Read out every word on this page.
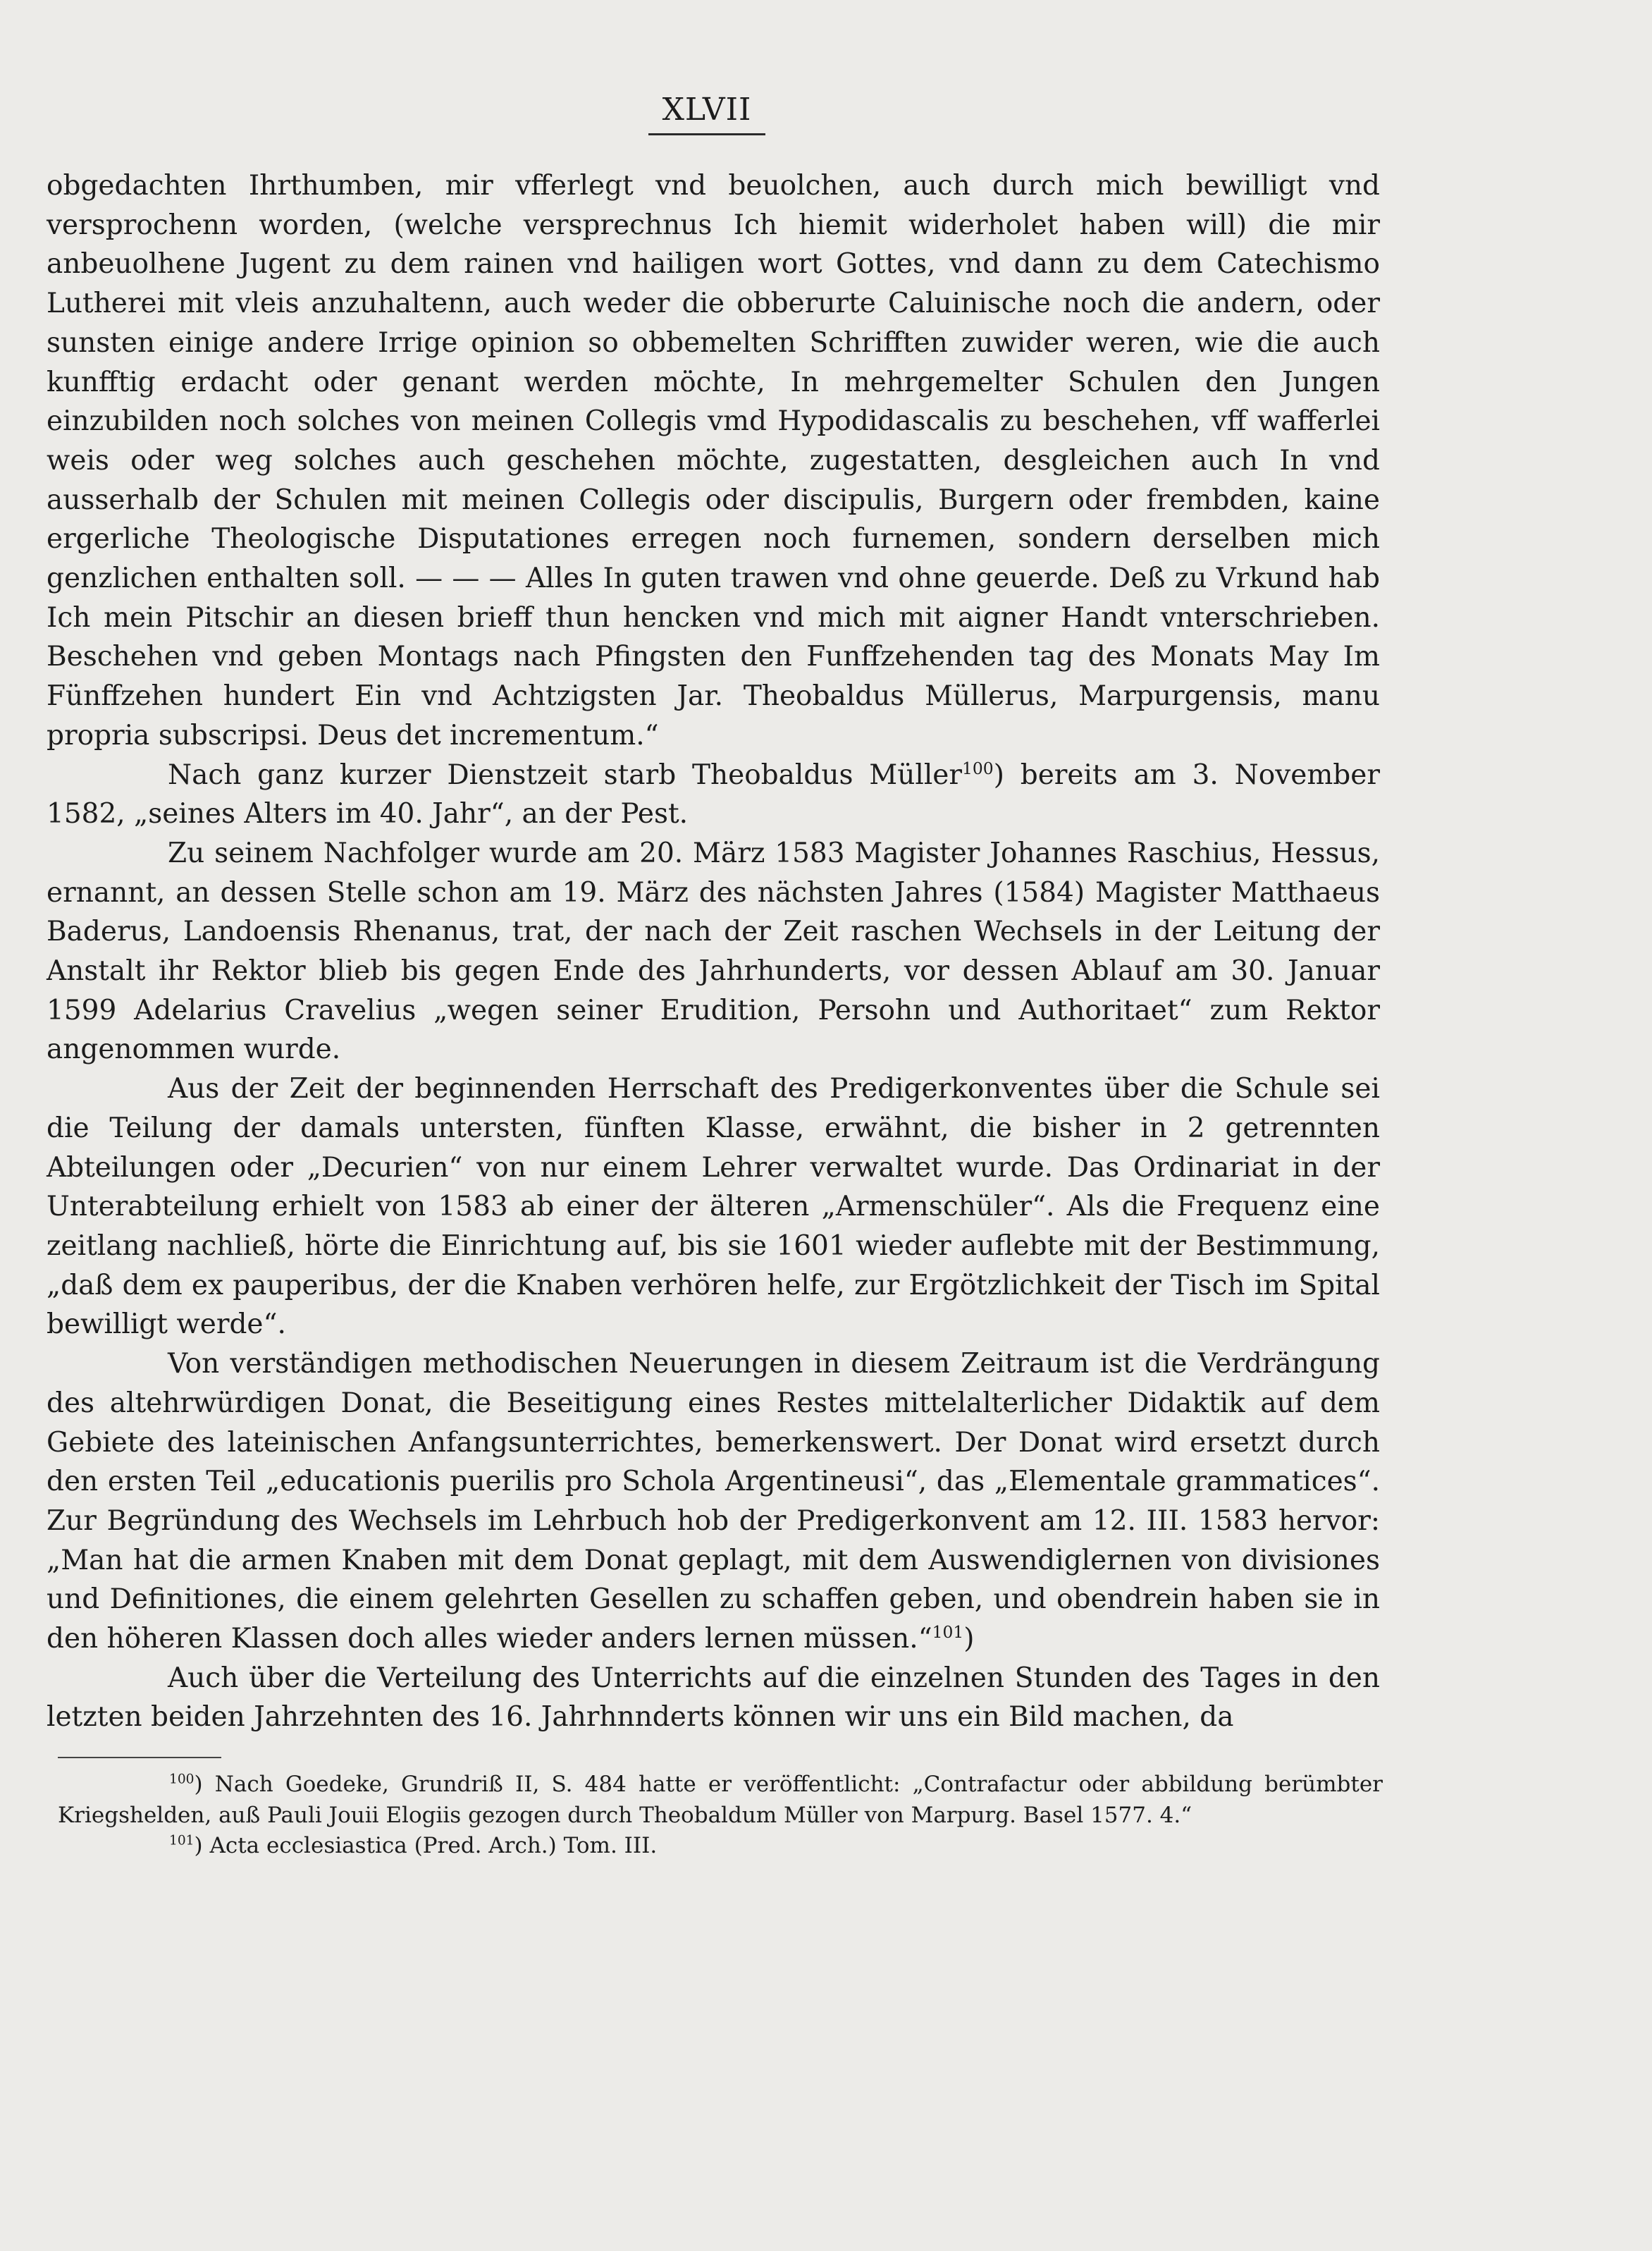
XLVII

obgedachten Ihrthumben, mir vfferlegt vnd beuolchen, auch durch mich bewilligt vnd versprochenn worden, (welche versprechnus Ich hiemit widerholet haben will) die mir anbeuolhene Jugent zu dem rainen vnd hailigen wort Gottes, vnd dann zu dem Catechismo Lutherei mit vleis anzuhaltenn, auch weder die obberurte Caluinische noch die andern, oder sunsten einige andere Irrige opinion so obbemelten Schrifften zuwider weren, wie die auch kunfftig erdacht oder genant werden möchte, In mehrgemelter Schulen den Jungen einzubilden noch solches von meinen Collegis vmd Hypodidascalis zu beschehen, vff wafferlei weis oder weg solches auch geschehen möchte, zugestatten, desgleichen auch In vnd ausserhalb der Schulen mit meinen Collegis oder discipulis, Burgern oder frembden, kaine ergerliche Theologische Disputationes erregen noch furnemen, sondern derselben mich genzlichen enthalten soll. — — — Alles In guten trawen vnd ohne geuerde. Deß zu Vrkund hab Ich mein Pitschir an diesen brieff thun hencken vnd mich mit aigner Handt vnterschrieben. Beschehen vnd geben Montags nach Pfingsten den Funffzehenden tag des Monats May Im Fünffzehen hundert Ein vnd Achtzigsten Jar. Theobaldus Müllerus, Marpurgensis, manu propria subscripsi. Deus det incrementum.“

Nach ganz kurzer Dienstzeit starb Theobaldus Müller$^{100}$) bereits am 3. November 1582, „seines Alters im 40. Jahr“, an der Pest.

Zu seinem Nachfolger wurde am 20. März 1583 Magister Johannes Raschius, Hessus, ernannt, an dessen Stelle schon am 19. März des nächsten Jahres (1584) Magister Matthaeus Baderus, Landoensis Rhenanus, trat, der nach der Zeit raschen Wechsels in der Leitung der Anstalt ihr Rektor blieb bis gegen Ende des Jahrhunderts, vor dessen Ablauf am 30. Januar 1599 Adelarius Cravelius „wegen seiner Erudition, Persohn und Authoritaet“ zum Rektor angenommen wurde.

Aus der Zeit der beginnenden Herrschaft des Predigerkonventes über die Schule sei die Teilung der damals untersten, fünften Klasse, erwähnt, die bisher in 2 getrennten Abteilungen oder „Decurien“ von nur einem Lehrer verwaltet wurde. Das Ordinariat in der Unterabteilung erhielt von 1583 ab einer der älteren „Armenschüler“. Als die Frequenz eine zeitlang nachließ, hörte die Einrichtung auf, bis sie 1601 wieder auflebte mit der Bestimmung, „daß dem ex pauperibus, der die Knaben verhören helfe, zur Ergötzlichkeit der Tisch im Spital bewilligt werde“.

Von verständigen methodischen Neuerungen in diesem Zeitraum ist die Verdrängung des altehrwürdigen Donat, die Beseitigung eines Restes mittelalterlicher Didaktik auf dem Gebiete des lateinischen Anfangsunterrichtes, bemerkenswert. Der Donat wird ersetzt durch den ersten Teil „educationis puerilis pro Schola Argentineusi“, das „Elementale grammatices“. Zur Begründung des Wechsels im Lehrbuch hob der Predigerkonvent am 12. III. 1583 hervor: „Man hat die armen Knaben mit dem Donat geplagt, mit dem Auswendiglernen von divisiones und Definitiones, die einem gelehrten Gesellen zu schaffen geben, und obendrein haben sie in den höheren Klassen doch alles wieder anders lernen müssen.“$^{101}$)

Auch über die Verteilung des Unterrichts auf die einzelnen Stunden des Tages in den letzten beiden Jahrzehnten des 16. Jahrhnnderts können wir uns ein Bild machen, da

$^{100}$) Nach Goedeke, Grundriß II, S. 484 hatte er veröffentlicht: „Contrafactur oder abbildung berümbter Kriegshelden, auß Pauli Jouii Elogiis gezogen durch Theobaldum Müller von Marpurg. Basel 1577. 4.“

$^{101}$) Acta ecclesiastica (Pred. Arch.) Tom. III.
